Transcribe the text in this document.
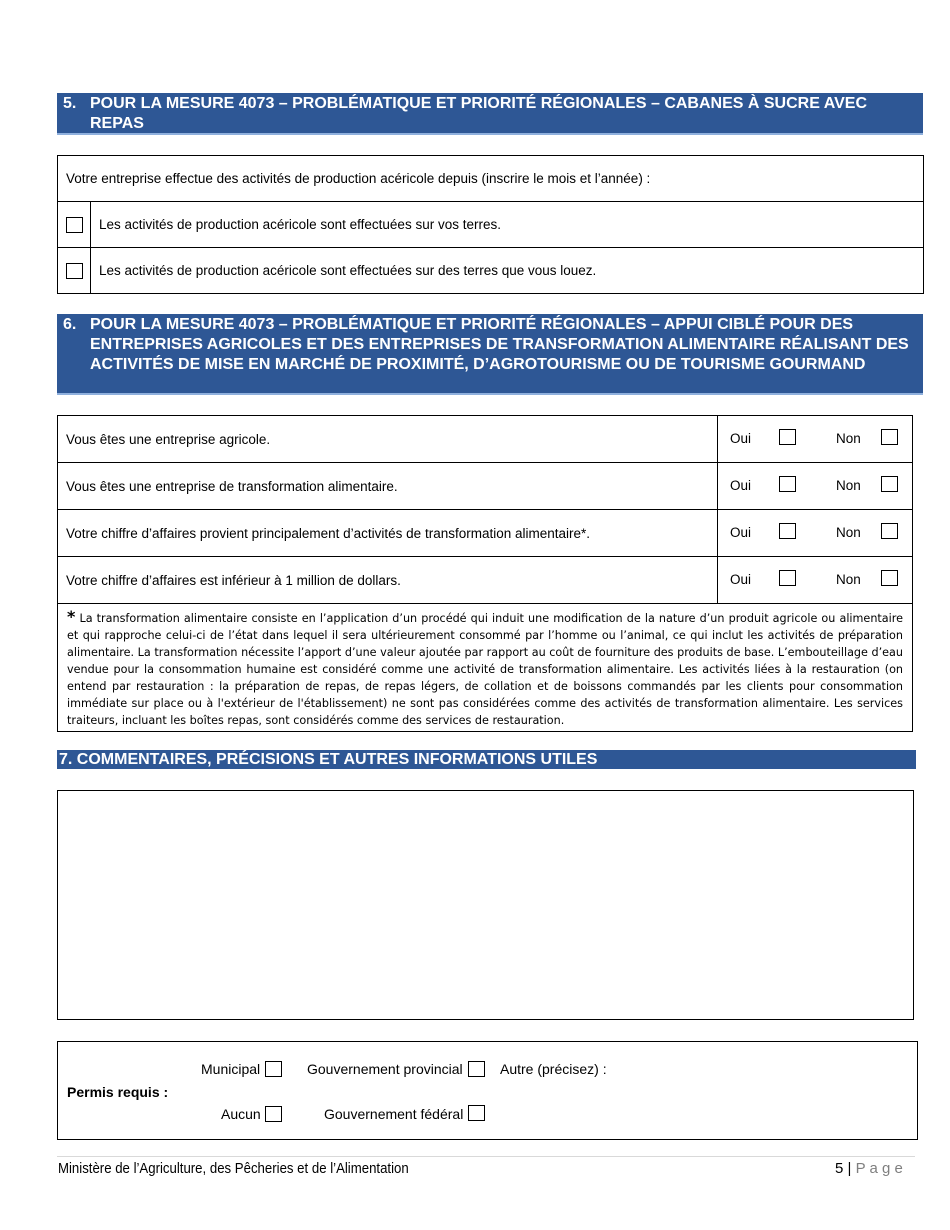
5. POUR LA MESURE 4073 – PROBLÉMATIQUE ET PRIORITÉ RÉGIONALES – CABANES À SUCRE AVEC REPAS
Votre entreprise effectue des activités de production acéricole depuis (inscrire le mois et l’année) :	
	Les activités de production acéricole sont effectuées sur vos terres.
	Les activités de production acéricole sont effectuées sur des terres que vous louez.
6. POUR LA MESURE 4073 – PROBLÉMATIQUE ET PRIORITÉ RÉGIONALES – APPUI CIBLÉ POUR DES ENTREPRISES AGRICOLES ET DES ENTREPRISES DE TRANSFORMATION ALIMENTAIRE RÉALISANT DES ACTIVITÉS DE MISE EN MARCHÉ DE PROXIMITÉ, D’AGROTOURISME OU DE TOURISME GOURMAND
Vous êtes une entreprise agricole.	Oui Non

Vous êtes une entreprise de transformation alimentaire.	Oui Non

Votre chiffre d’affaires provient principalement d’activités de transformation alimentaire*.	Oui Non

Votre chiffre d’affaires est inférieur à 1 million de dollars.	Oui Non

* La transformation alimentaire consiste en l’application d’un procédé qui induit une modification de la nature d’un produit agricole ou alimentaire et qui rapproche celui-ci de l’état dans lequel il sera ultérieurement consommé par l’homme ou l’animal, ce qui inclut les activités de préparation alimentaire. La transformation nécessite l’apport d’une valeur ajoutée par rapport au coût de fourniture des produits de base. L’embouteillage d’eau vendue pour la consommation humaine est considéré comme une activité de transformation alimentaire. Les activités liées à la restauration (on entend par restauration : la préparation de repas, de repas légers, de collation et de boissons commandés par les clients pour consommation immédiate sur place ou à l'extérieur de l'établissement) ne sont pas considérées comme des activités de transformation alimentaire. Les services traiteurs, incluant les boîtes repas, sont considérés comme des services de restauration.	
7. COMMENTAIRES, PRÉCISIONS ET AUTRES INFORMATIONS UTILES
Permis requis :
Municipal	Gouvernement provincial	Autre (précisez) :
Aucun	Gouvernement fédéral
Ministère de l’Agriculture, des Pêcheries et de l’Alimentation	5 | P a g e
